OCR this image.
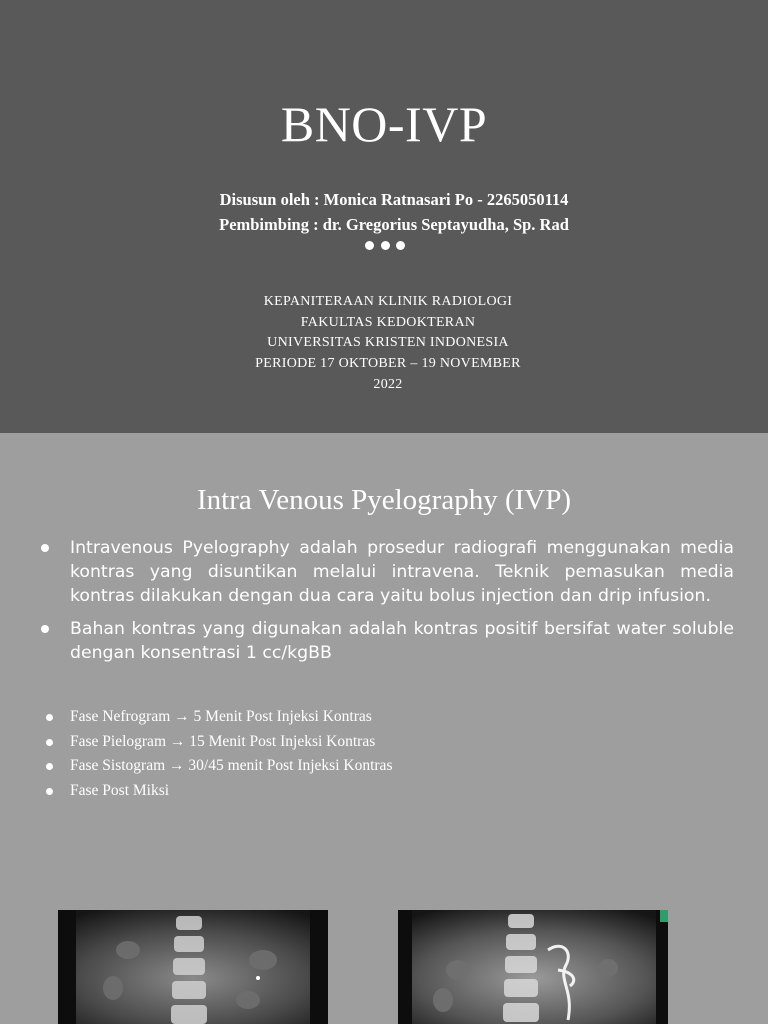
BNO-IVP
Disusun oleh : Monica Ratnasari Po - 2265050114
Pembimbing : dr. Gregorius Septayudha, Sp. Rad
KEPANITERAAN KLINIK RADIOLOGI
FAKULTAS KEDOKTERAN
UNIVERSITAS KRISTEN INDONESIA
PERIODE 17 OKTOBER – 19 NOVEMBER
2022
Intra Venous Pyelography (IVP)
Intravenous Pyelography adalah prosedur radiografi menggunakan media kontras yang disuntikan melalui intravena. Teknik pemasukan media kontras dilakukan dengan dua cara yaitu bolus injection dan drip infusion.
Bahan kontras yang digunakan adalah kontras positif bersifat water soluble dengan konsentrasi 1 cc/kgBB
Fase Nefrogram → 5 Menit Post Injeksi Kontras
Fase Pielogram → 15 Menit Post Injeksi Kontras
Fase Sistogram → 30/45 menit Post Injeksi Kontras
Fase Post Miksi
